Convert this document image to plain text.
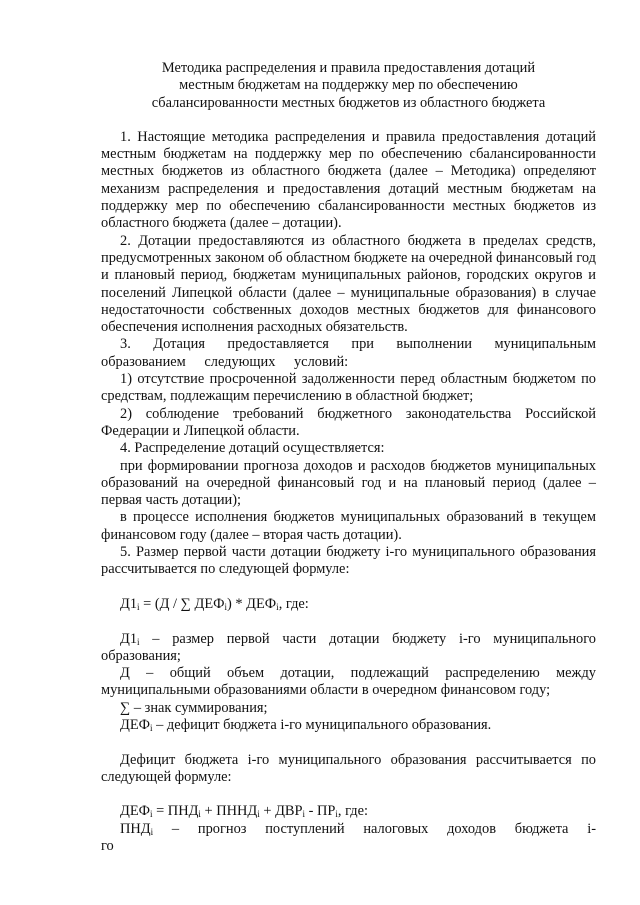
Методика распределения и правила предоставления дотаций
местным бюджетам на поддержку мер по обеспечению
сбалансированности местных бюджетов из областного бюджета

1. Настоящие методика распределения и правила предоставления дотаций местным бюджетам на поддержку мер по обеспечению сбалансированности местных бюджетов из областного бюджета (далее – Методика) определяют механизм распределения и предоставления дотаций местным бюджетам на поддержку мер по обеспечению сбалансированности местных бюджетов из областного бюджета (далее – дотации).

2. Дотации предоставляются из областного бюджета в пределах средств, предусмотренных законом об областном бюджете на очередной финансовый год и плановый период, бюджетам муниципальных районов, городских округов и поселений Липецкой области (далее – муниципальные образования) в случае недостаточности собственных доходов местных бюджетов для финансового обеспечения исполнения расходных обязательств.

3. Дотация предоставляется при выполнении муниципальным образованием следующих условий:

1) отсутствие просроченной задолженности перед областным бюджетом по средствам, подлежащим перечислению в областной бюджет;

2) соблюдение требований бюджетного законодательства Российской Федерации и Липецкой области.

4. Распределение дотаций осуществляется:

при формировании прогноза доходов и расходов бюджетов муниципальных образований на очередной финансовый год и на плановый период (далее – первая часть дотации);

в процессе исполнения бюджетов муниципальных образований в текущем финансовом году (далее – вторая часть дотации).

5. Размер первой части дотации бюджету i-го муниципального образования рассчитывается по следующей формуле:

$Д1_i = (Д$ / ∑ $ДЕФ_i) * ДЕФ_i$, где:

$Д1_i$ – размер первой части дотации бюджету i-го муниципального образования;

Д – общий объем дотации, подлежащий распределению между муниципальными образованиями области в очередном финансовом году;

∑ – знак суммирования;

$ДЕФ_i$ – дефицит бюджета i-го муниципального образования.

Дефицит бюджета i-го муниципального образования рассчитывается по следующей формуле:

$ДЕФ_i = ПНД_i$ + $ПННД_i + ДВР_i - ПР_i$, где:

$ПНД_i$ – прогноз поступлений налоговых доходов бюджета i-го
